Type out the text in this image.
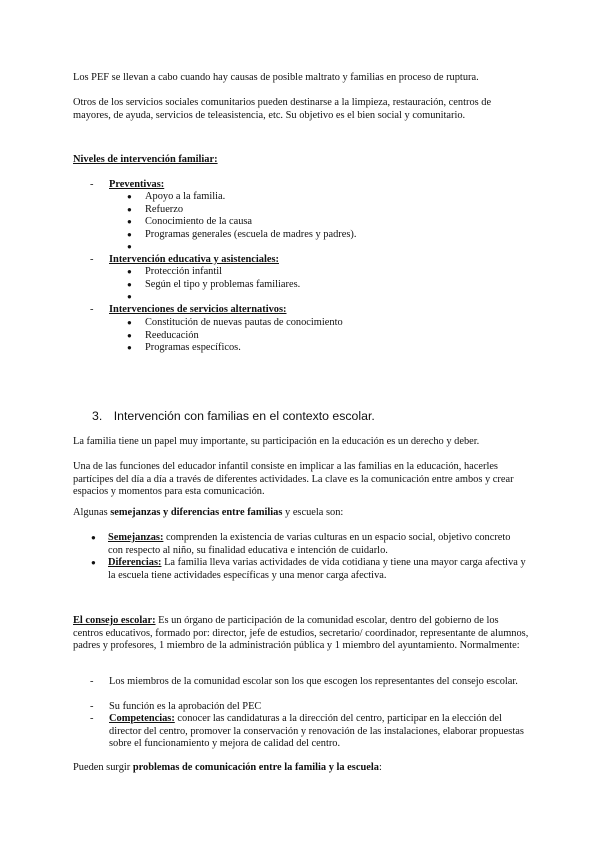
Los PEF se llevan a cabo cuando hay causas de posible maltrato y familias en proceso de ruptura.

Otros de los servicios sociales comunitarios pueden destinarse a la limpieza, restauración, centros de mayores, de ayuda, servicios de teleasistencia, etc. Su objetivo es el bien social y comunitario.

Niveles de intervención familiar:

-	Preventivas:
● Apoyo a la familia.
● Refuerzo
● Conocimiento de la causa
● Programas generales (escuela de madres y padres).
●
-	Intervención educativa y asistenciales:
● Protección infantil
● Según el tipo y problemas familiares.
●
-	Intervenciones de servicios alternativos:
● Constitución de nuevas pautas de conocimiento
● Reeducación
● Programas específicos.
3. Intervención con familias en el contexto escolar.

La familia tiene un papel muy importante, su participación en la educación es un derecho y deber.

Una de las funciones del educador infantil consiste en implicar a las familias en la educación, hacerles partícipes del día a día a través de diferentes actividades. La clave es la comunicación entre ambos y crear espacios y momentos para esta comunicación.

Algunas semejanzas y diferencias entre familias y escuela son:

● Semejanzas: comprenden la existencia de varias culturas en un espacio social, objetivo concreto con respecto al niño, su finalidad educativa e intención de cuidarlo.
● Diferencias: La familia lleva varias actividades de vida cotidiana y tiene una mayor carga afectiva y la escuela tiene actividades específicas y una menor carga afectiva.

El consejo escolar: Es un órgano de participación de la comunidad escolar, dentro del gobierno de los centros educativos, formado por: director, jefe de estudios, secretario/ coordinador, representante de alumnos, padres y profesores, 1 miembro de la administración pública y 1 miembro del ayuntamiento. Normalmente:

- Los miembros de la comunidad escolar son los que escogen los representantes del consejo escolar.
- Su función es la aprobación del PEC
- Competencias: conocer las candidaturas a la dirección del centro, participar en la elección del director del centro, promover la conservación y renovación de las instalaciones, elaborar propuestas sobre el funcionamiento y mejora de calidad del centro.

Pueden surgir problemas de comunicación entre la familia y la escuela:
